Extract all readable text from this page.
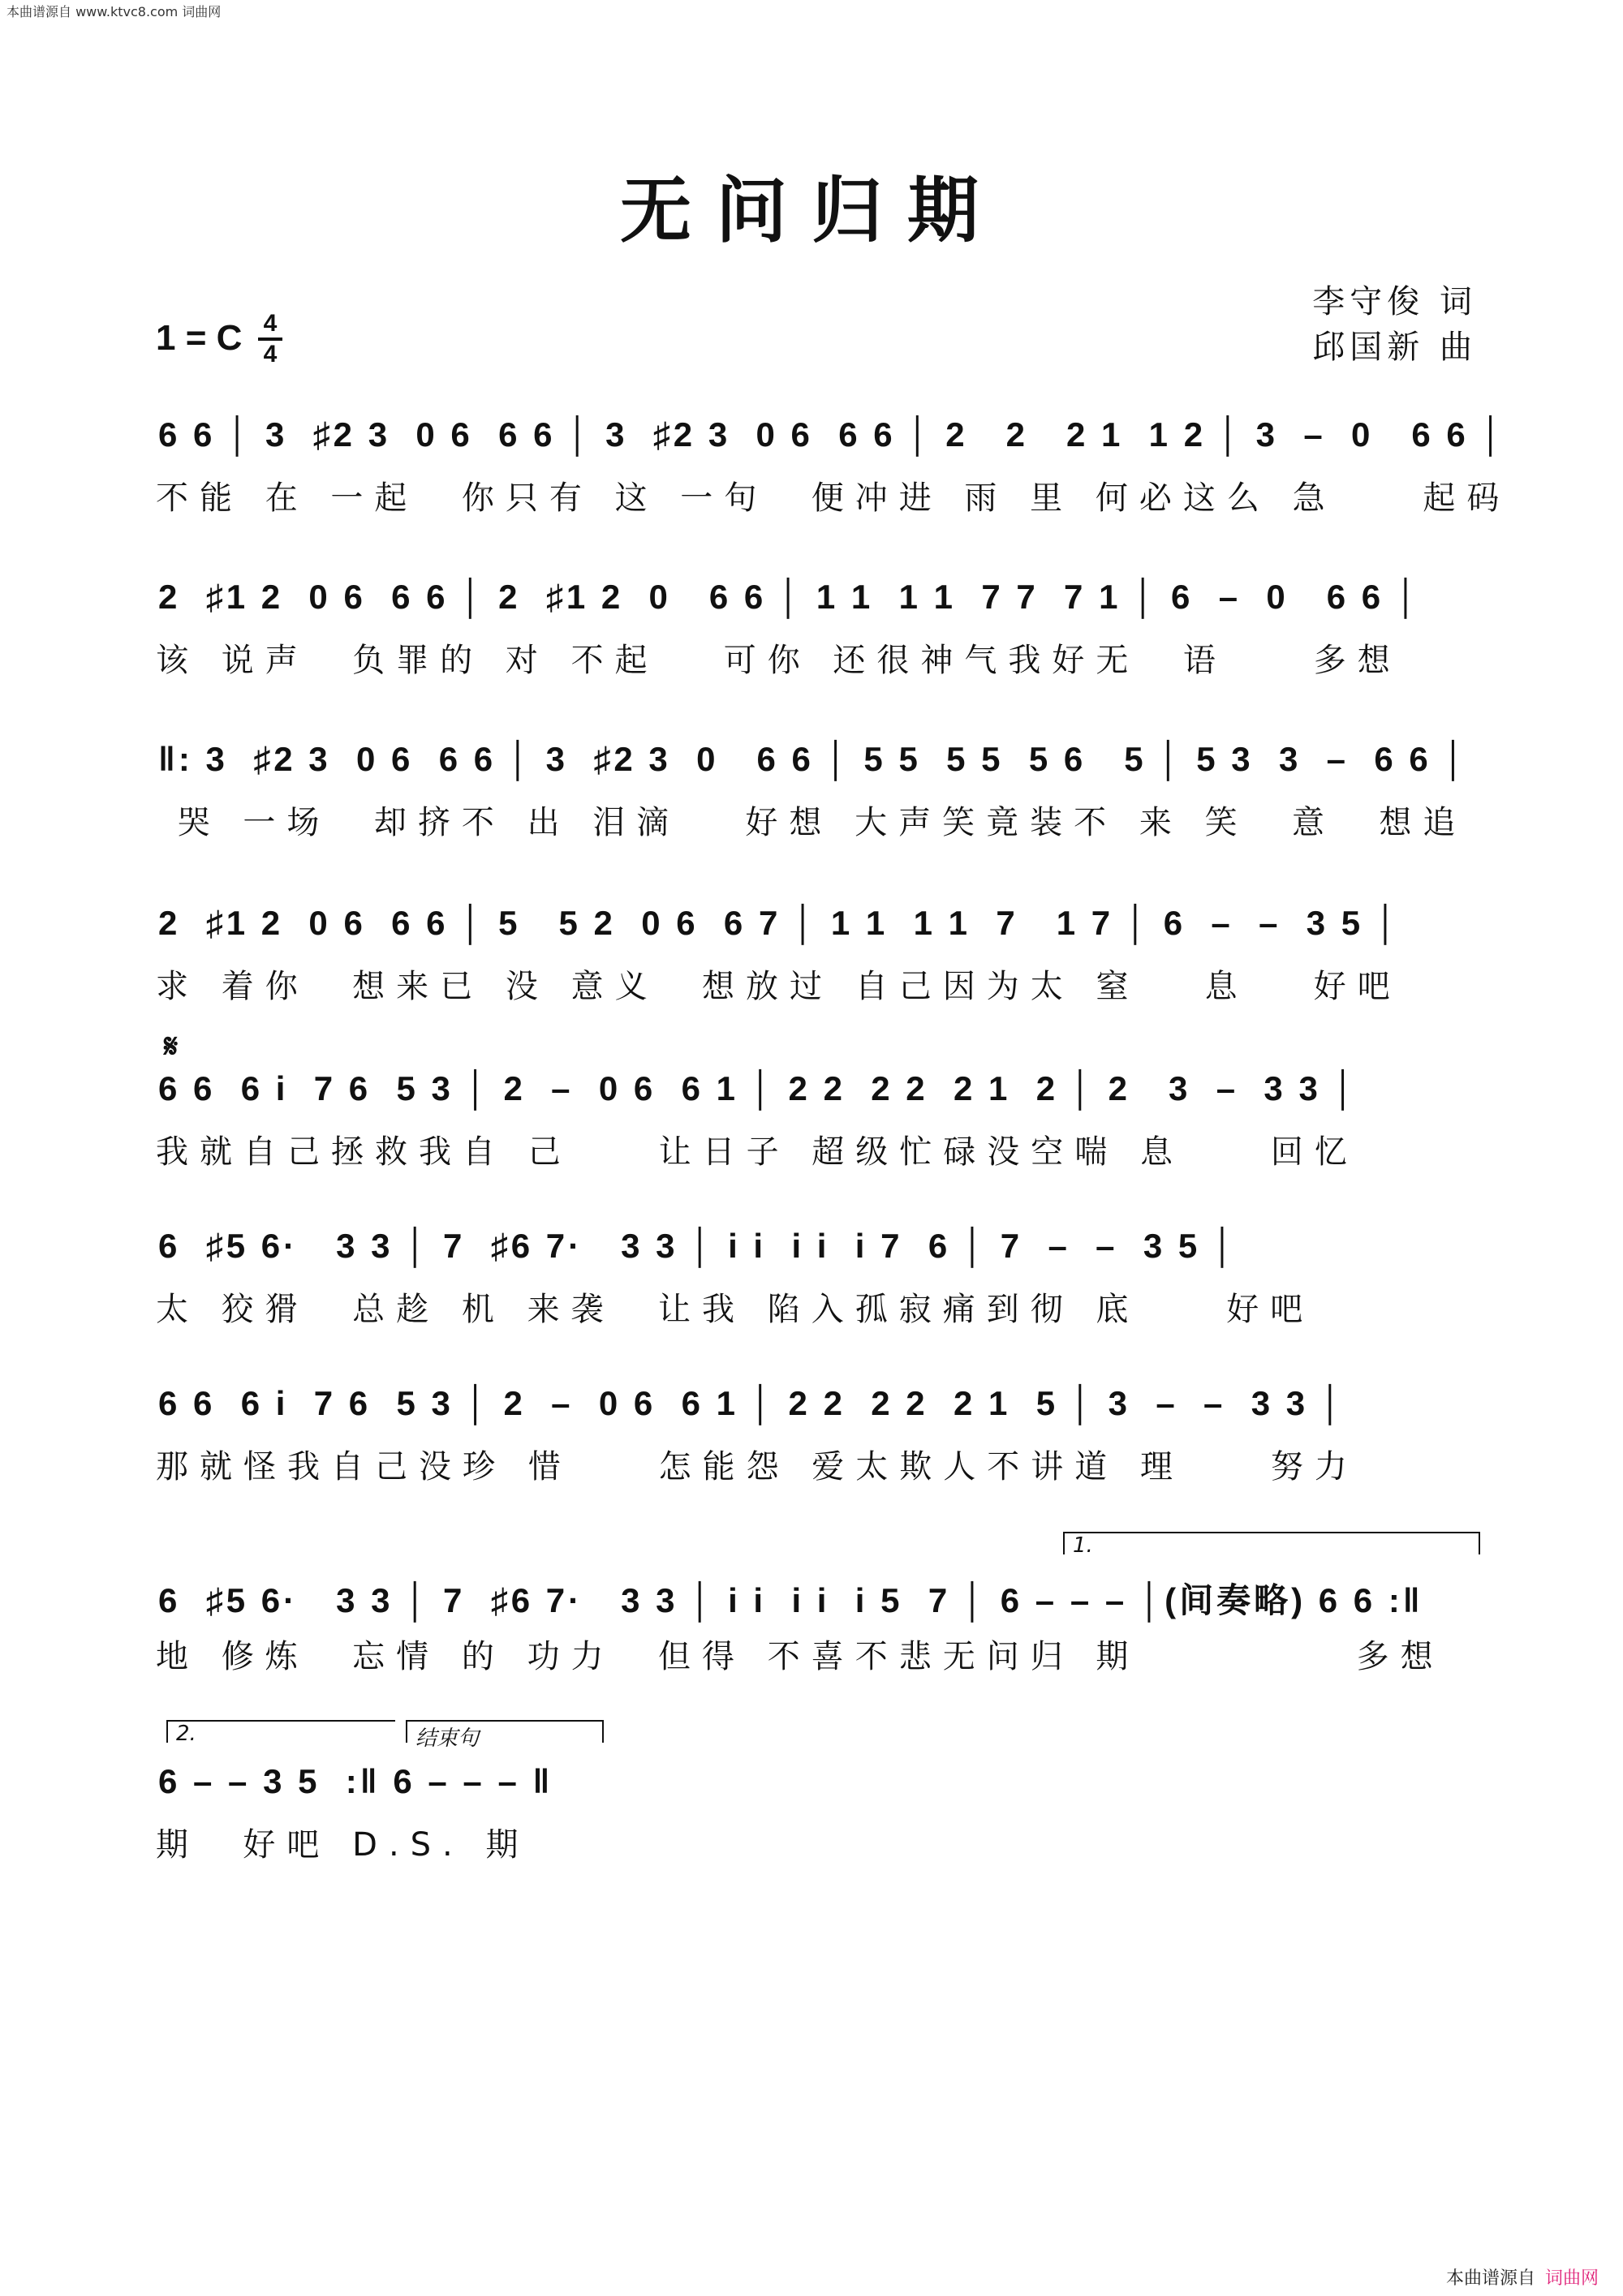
本曲谱源自 www.ktvc8.com 词曲网
无问归期
李守俊 词
邱国新 曲
1 = C 4
4
6 6 │ 3  ♯2 3  0 6  6 6 │ 3  ♯2 3  0 6  6 6 │ 2   2   2 1  1 2 │ 3  –  0   6 6 │
不能 在 一起  你只有 这 一句  便冲进 雨 里 何必这么 急    起码
2  ♯1 2  0 6  6 6 │ 2  ♯1 2  0   6 6 │ 1 1  1 1  7 7  7 1 │ 6  –  0   6 6 │
该 说声  负罪的 对 不起   可你 还很神气我好无  语    多想
‖: 3  ♯2 3  0 6  6 6 │ 3  ♯2 3  0   6 6 │ 5 5  5 5  5 6   5 │ 5 3  3  –  6 6 │
哭 一场  却挤不 出 泪滴   好想 大声笑竟装不 来 笑  意  想追
2  ♯1 2  0 6  6 6 │ 5   5 2  0 6  6 7 │ 1 1  1 1  7   1 7 │ 6  –  –  3 5 │
求 着你  想来已 没 意义  想放过 自己因为太 窒   息   好吧
𝄋
6 6  6 i  7 6  5 3 │ 2  –  0 6  6 1 │ 2 2  2 2  2 1  2 │ 2   3  –  3 3 │
我就自己拯救我自 己    让日子 超级忙碌没空喘 息    回忆
6  ♯5 6·   3 3 │ 7  ♯6 7·   3 3 │ i i  i i  i 7  6 │ 7  –  –  3 5 │
太 狡猾  总趁 机 来袭  让我 陷入孤寂痛到彻 底    好吧
6 6  6 i  7 6  5 3 │ 2  –  0 6  6 1 │ 2 2  2 2  2 1  5 │ 3  –  –  3 3 │
那就怪我自己没珍 惜    怎能怨 爱太欺人不讲道 理    努力
1.
6  ♯5 6·   3 3 │ 7  ♯6 7·   3 3 │ i i  i i  i 5  7 │ 6 – – – │(间奏略) 6 6 :‖
地 修炼  忘情 的 功力  但得 不喜不悲无问归 期          多想
2.	结束句
6 – – 3 5  :‖ 6 – – – ‖
期  好吧 D.S. 期
本曲谱源自 词曲网
